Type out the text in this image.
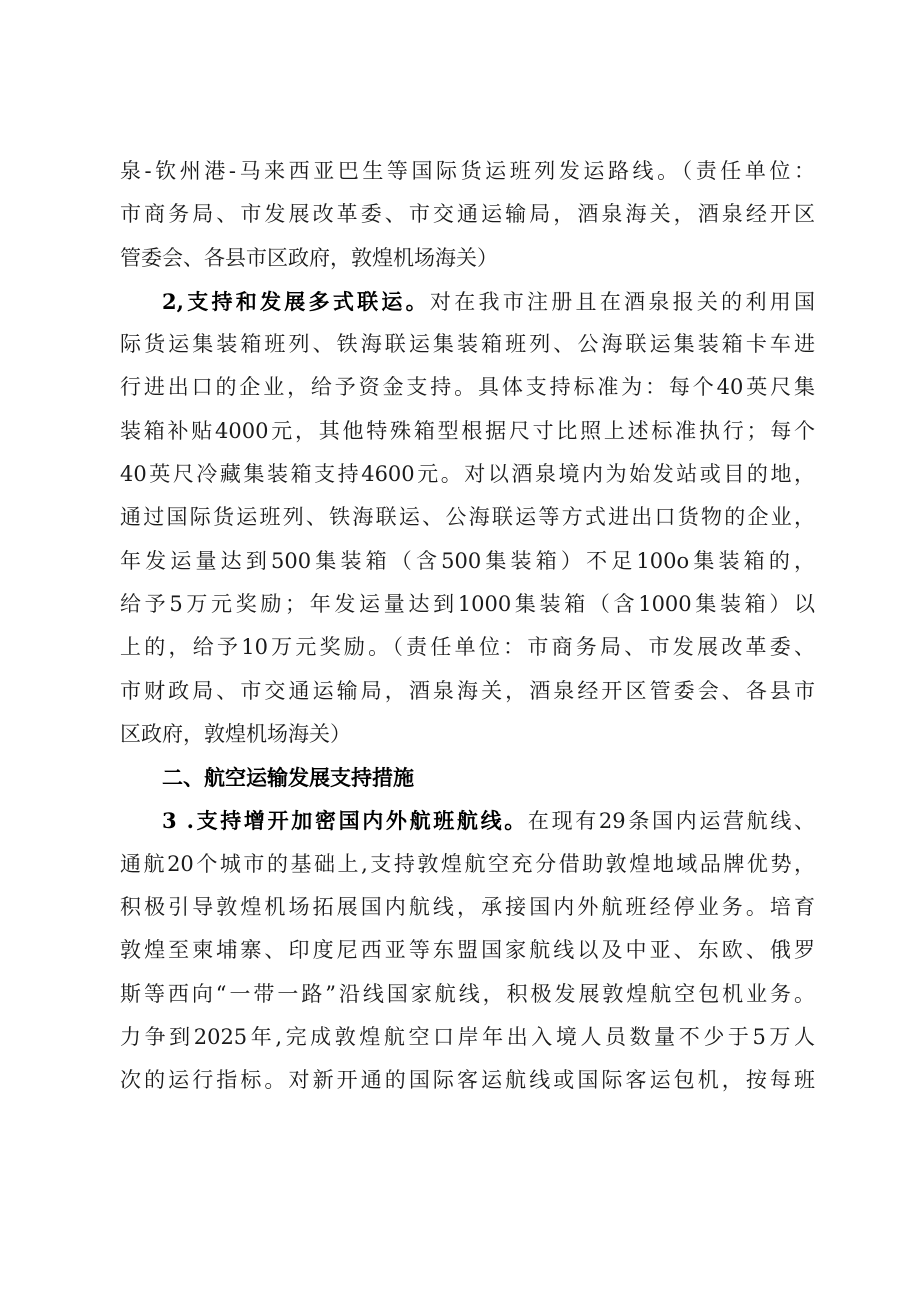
泉-钦州港-马来西亚巴生等国际货运班列发运路线。（责任单位：
市商务局、市发展改革委、市交通运输局，酒泉海关，酒泉经开区
管委会、各县市区政府，敦煌机场海关）
2,支持和发展多式联运。对在我市注册且在酒泉报关的利用国
际货运集装箱班列、铁海联运集装箱班列、公海联运集装箱卡车进
行进出口的企业，给予资金支持。具体支持标准为：每个40英尺集
装箱补贴4000元，其他特殊箱型根据尺寸比照上述标准执行；每个
40英尺冷藏集装箱支持4600元。对以酒泉境内为始发站或目的地，
通过国际货运班列、铁海联运、公海联运等方式进出口货物的企业，
年发运量达到500集装箱（含500集装箱）不足100o集装箱的，
给予5万元奖励；年发运量达到1000集装箱（含1000集装箱）以
上的，给予10万元奖励。（责任单位：市商务局、市发展改革委、
市财政局、市交通运输局，酒泉海关，酒泉经开区管委会、各县市
区政府，敦煌机场海关）
二、航空运输发展支持措施
3 .支持增开加密国内外航班航线。在现有29条国内运营航线、
通航20个城市的基础上,支持敦煌航空充分借助敦煌地域品牌优势，
积极引导敦煌机场拓展国内航线，承接国内外航班经停业务。培育
敦煌至柬埔寨、印度尼西亚等东盟国家航线以及中亚、东欧、俄罗
斯等西向“一带一路”沿线国家航线，积极发展敦煌航空包机业务。
力争到2025年,完成敦煌航空口岸年出入境人员数量不少于5万人
次的运行指标。对新开通的国际客运航线或国际客运包机，按每班
